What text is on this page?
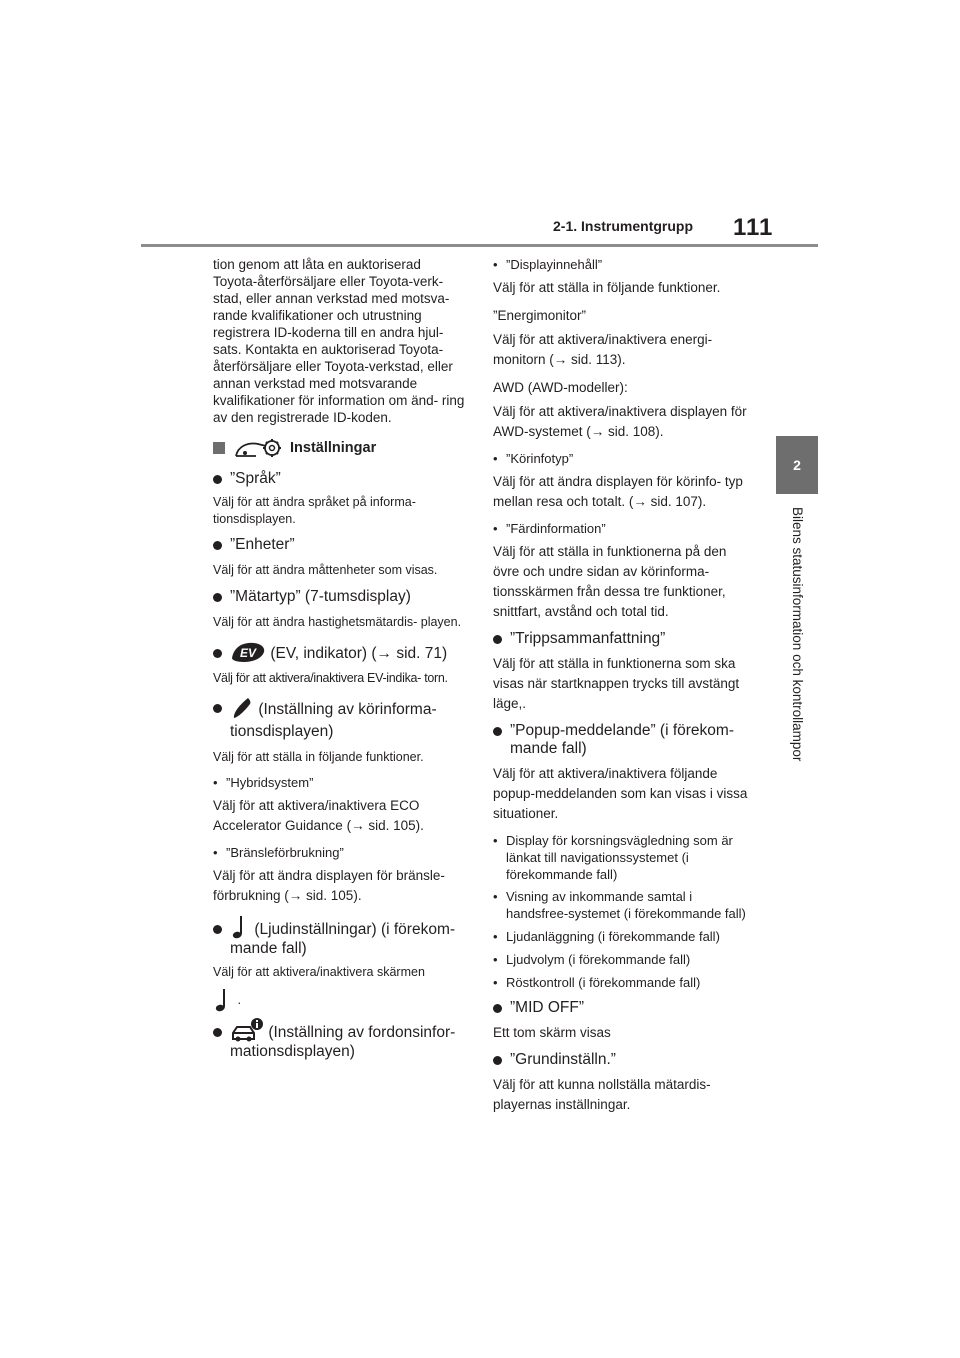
2-1. Instrumentgrupp 111
2
Bilens statusinformation och kontrollampor

tion genom att låta en auktoriserad Toyota-återförsäljare eller Toyota-verk- stad, eller annan verkstad med motsva- rande kvalifikationer och utrustning registrera ID-koderna till en andra hjul- sats. Kontakta en auktoriserad Toyota- återförsäljare eller Toyota-verkstad, eller annan verkstad med motsvarande kvalifikationer för information om änd- ring av den registrerade ID-koden.

Inställningar
”Språk”

Välj för att ändra språket på informa- tionsdisplayen.

”Enheter”

Välj för att ändra måttenheter som visas.

”Mätartyp” (7-tumsdisplay)

Välj för att ändra hastighetsmätardis- playen.

EV (EV, indikator) (→ sid. 71)

Välj för att aktivera/inaktivera EV-indika- torn.

(Inställning av körinforma- tionsdisplayen)

Välj för att ställa in följande funktioner.

• ”Hybridsystem”

Välj för att aktivera/inaktivera ECO Accelerator Guidance (→ sid. 105).

• ”Bränsleförbrukning”

Välj för att ändra displayen för bränsle- förbrukning (→ sid. 105).

(Ljudinställningar) (i förekom- mande fall)

Välj för att aktivera/inaktivera skärmen

.
(Inställning av fordonsinfor- mationsdisplayen)
• ”Displayinnehåll”

Välj för att ställa in följande funktioner.

”Energimonitor”

Välj för att aktivera/inaktivera energi- monitorn (→ sid. 113).

AWD (AWD-modeller):

Välj för att aktivera/inaktivera displayen för AWD-systemet (→ sid. 108).

• ”Körinfotyp”

Välj för att ändra displayen för körinfo- typ mellan resa och totalt. (→ sid. 107).

• ”Färdinformation”

Välj för att ställa in funktionerna på den övre och undre sidan av körinforma- tionsskärmen från dessa tre funktioner, snittfart, avstånd och total tid.

”Trippsammanfattning”

Välj för att ställa in funktionerna som ska visas när startknappen trycks till avstängt läge,.

”Popup-meddelande” (i förekom- mande fall)

Välj för att aktivera/inaktivera följande popup-meddelanden som kan visas i vissa situationer.

• Display för korsningsvägledning som är länkat till navigationssystemet (i förekommande fall)
• Visning av inkommande samtal i handsfree-systemet (i förekommande fall)
• Ljudanläggning (i förekommande fall)
• Ljudvolym (i förekommande fall)
• Röstkontroll (i förekommande fall)
”MID OFF”

Ett tom skärm visas

”Grundinställn.”

Välj för att kunna nollställa mätardis- playernas inställningar.
